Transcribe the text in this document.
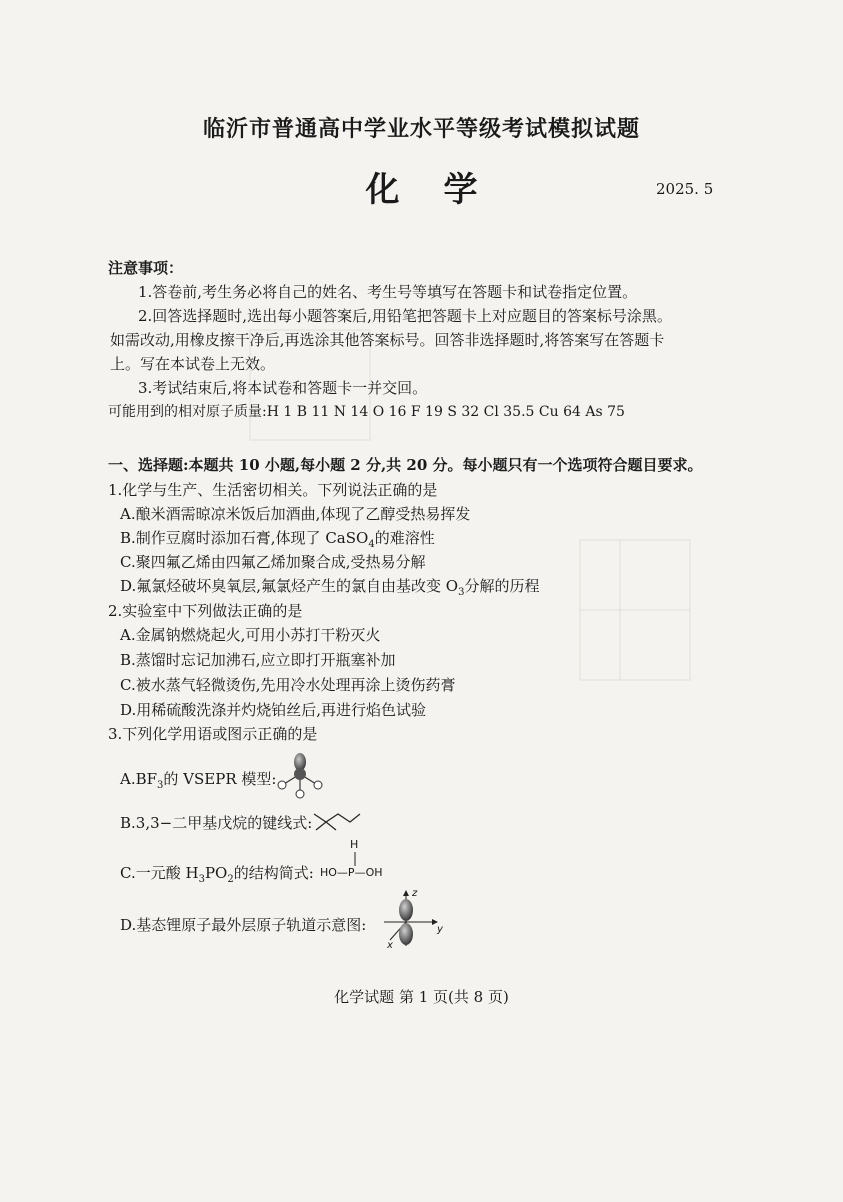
临沂市普通高中学业水平等级考试模拟试题
化学	2025. 5
注意事项：
1.答卷前,考生务必将自己的姓名、考生号等填写在答题卡和试卷指定位置。
2.回答选择题时,选出每小题答案后,用铅笔把答题卡上对应题目的答案标号涂黑。
如需改动,用橡皮擦干净后,再选涂其他答案标号。回答非选择题时,将答案写在答题卡
上。写在本试卷上无效。
3.考试结束后,将本试卷和答题卡一并交回。
可能用到的相对原子质量:H 1 B 11 N 14 O 16 F 19 S 32 Cl 35.5 Cu 64 As 75
一、选择题:本题共 10 小题,每小题 2 分,共 20 分。每小题只有一个选项符合题目要求。
1.化学与生产、生活密切相关。下列说法正确的是
A.酿米酒需晾凉米饭后加酒曲,体现了乙醇受热易挥发
B.制作豆腐时添加石膏,体现了 CaSO$_4$的难溶性
C.聚四氟乙烯由四氟乙烯加聚合成,受热易分解
D.氟氯烃破坏臭氧层,氟氯烃产生的氯自由基改变 $O_3$分解的历程
2.实验室中下列做法正确的是
A.金属钠燃烧起火,可用小苏打干粉灭火
B.蒸馏时忘记加沸石,应立即打开瓶塞补加
C.被水蒸气轻微烫伤,先用冷水处理再涂上烫伤药膏
D.用稀硫酸洗涤并灼烧铂丝后,再进行焰色试验
3.下列化学用语或图示正确的是
$A.BF_3$的 VSEPR 模型:
B.3,3−二甲基戊烷的键线式:
C.一元酸 $H_3PO_2$的结构简式:
H
HO—P—OH
D.基态锂原子最外层原子轨道示意图:
z
y
x
化学试题 第 1 页(共 8 页)
